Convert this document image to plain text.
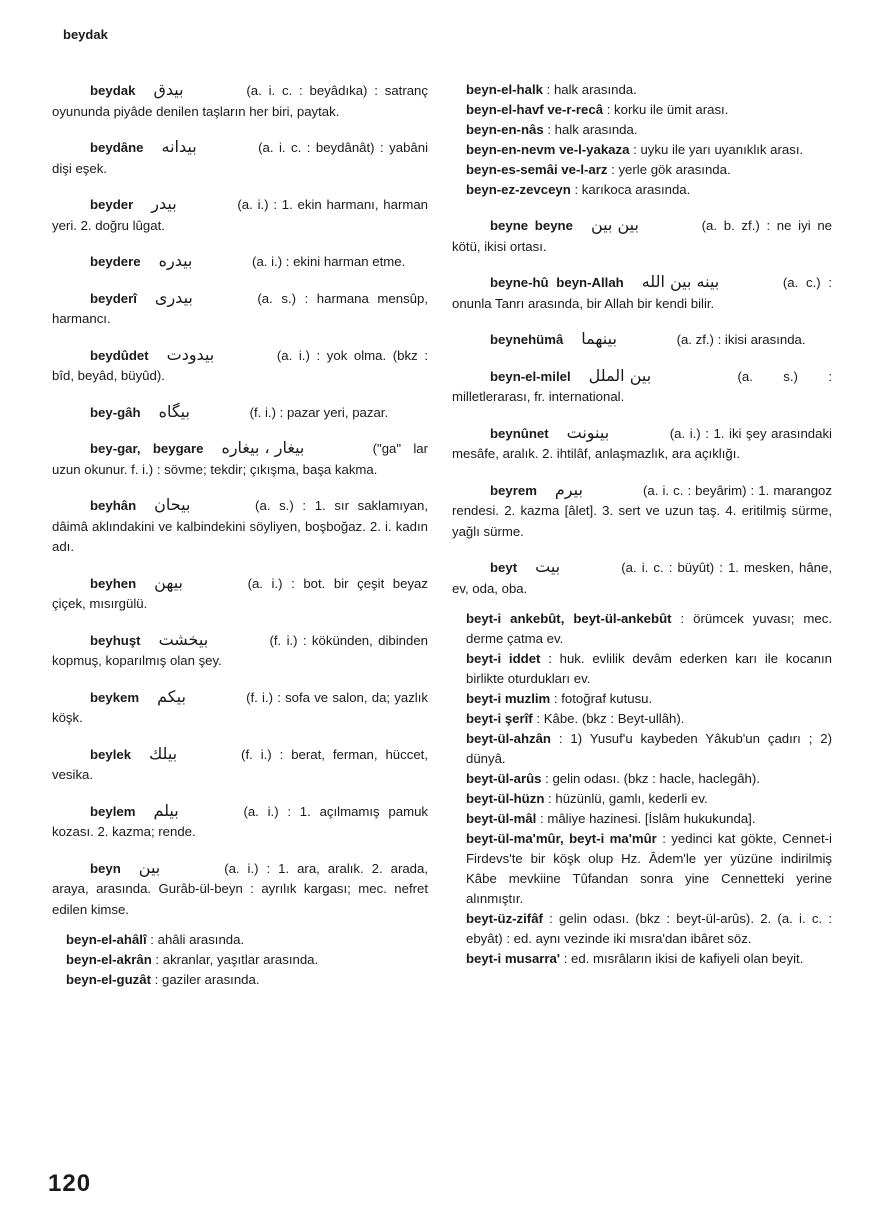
beydak

beydak بيدق	(a. i. c. : beyâdıka) : satranç oyununda piyâde denilen taşların her biri, paytak.

beydâne بيدانه	(a. i. c. : beydânât) : yabâni dişi eşek.

beyder بيدر	(a. i.) : 1. ekin harmanı, harman yeri. 2. doğru lûgat.

beydere بيدره	(a. i.) : ekini harman etme.

beyderî بيدرى	(a. s.) : harmana mensûp, harmancı.

beydûdet بيدودت	(a. i.) : yok olma. (bkz : bîd, beyâd, büyûd).

bey-gâh بيگاه	(f. i.) : pazar yeri, pazar.

bey-gar, beygare بيغار ، بيغاره	("ga" lar uzun okunur. f. i.) : sövme; tekdir; çıkışma, başa kakma.

beyhân بيحان	(a. s.) : 1. sır saklamıyan, dâimâ aklındakini ve kalbindekini söyliyen, boşboğaz. 2. i. kadın adı.

beyhen بيهن	(a. i.) : bot. bir çeşit beyaz çiçek, mısırgülü.

beyhuşt بيخشت	(f. i.) : kökünden, dibinden kopmuş, koparılmış olan şey.

beykem بيكم	(f. i.) : sofa ve salon, da; yazlık köşk.

beylek بيلك	(f. i.) : berat, ferman, hüccet, vesika.

beylem بيلم	(a. i.) : 1. açılmamış pamuk kozası. 2. kazma; rende.

beyn بين	(a. i.) : 1. ara, aralık. 2. arada, araya, arasında. Gurâb-ül-beyn : ayrılık kargası; mec. nefret edilen kimse.

beyn-el-ahâlî : ahâli arasında.

beyn-el-akrân : akranlar, yaşıtlar arasında.

beyn-el-guzât : gaziler arasında.

beyn-el-halk : halk arasında.

beyn-el-havf ve-r-recâ : korku ile ümit arası.

beyn-en-nâs : halk arasında.

beyn-en-nevm ve-l-yakaza : uyku ile yarı uyanıklık arası.

beyn-es-semâi ve-l-arz : yerle gök arasında.

beyn-ez-zevceyn : karıkoca arasında.

beyne beyne بين بين	(a. b. zf.) : ne iyi ne kötü, ikisi ortası.

beyne-hû beyn-Allah بينه بين الله	(a. c.) : onunla Tanrı arasında, bir Allah bir kendi bilir.

beynehümâ بينهما	(a. zf.) : ikisi arasında.

beyn-el-milel بين الملل	(a. s.) : milletlerarası, fr. international.

beynûnet بينونت	(a. i.) : 1. iki şey arasındaki mesâfe, aralık. 2. ihtilâf, anlaşmazlık, ara açıklığı.

beyrem بيرم	(a. i. c. : beyârim) : 1. marangoz rendesi. 2. kazma [âlet]. 3. sert ve uzun taş. 4. eritilmiş sürme, yağlı sürme.

beyt بيت	(a. i. c. : büyût) : 1. mesken, hâne, ev, oda, oba.

beyt-i ankebût, beyt-ül-ankebût : örümcek yuvası; mec. derme çatma ev.

beyt-i iddet : huk. evlilik devâm ederken karı ile kocanın birlikte oturdukları ev.

beyt-i muzlim : fotoğraf kutusu.

beyt-i şerîf : Kâbe. (bkz : Beyt-ullâh).

beyt-ül-ahzân : 1) Yusuf'u kaybeden Yâkub'un çadırı ; 2) dünyâ.

beyt-ül-arûs : gelin odası. (bkz : hacle, haclegâh).

beyt-ül-hüzn : hüzünlü, gamlı, kederli ev.

beyt-ül-mâl : mâliye hazinesi. [İslâm hukukunda].

beyt-ül-ma'mûr, beyt-i ma'mûr : yedinci kat gökte, Cennet-i Firdevs'te bir köşk olup Hz. Âdem'le yer yüzüne indirilmiş Kâbe mevkiine Tûfandan sonra yine Cennetteki yerine alınmıştır.

beyt-üz-zifâf : gelin odası. (bkz : beyt-ül-arûs). 2. (a. i. c. : ebyât) : ed. aynı vezinde iki mısra'dan ibâret söz.

beyt-i musarra' : ed. mısrâların ikisi de kafiyeli olan beyit.

120
